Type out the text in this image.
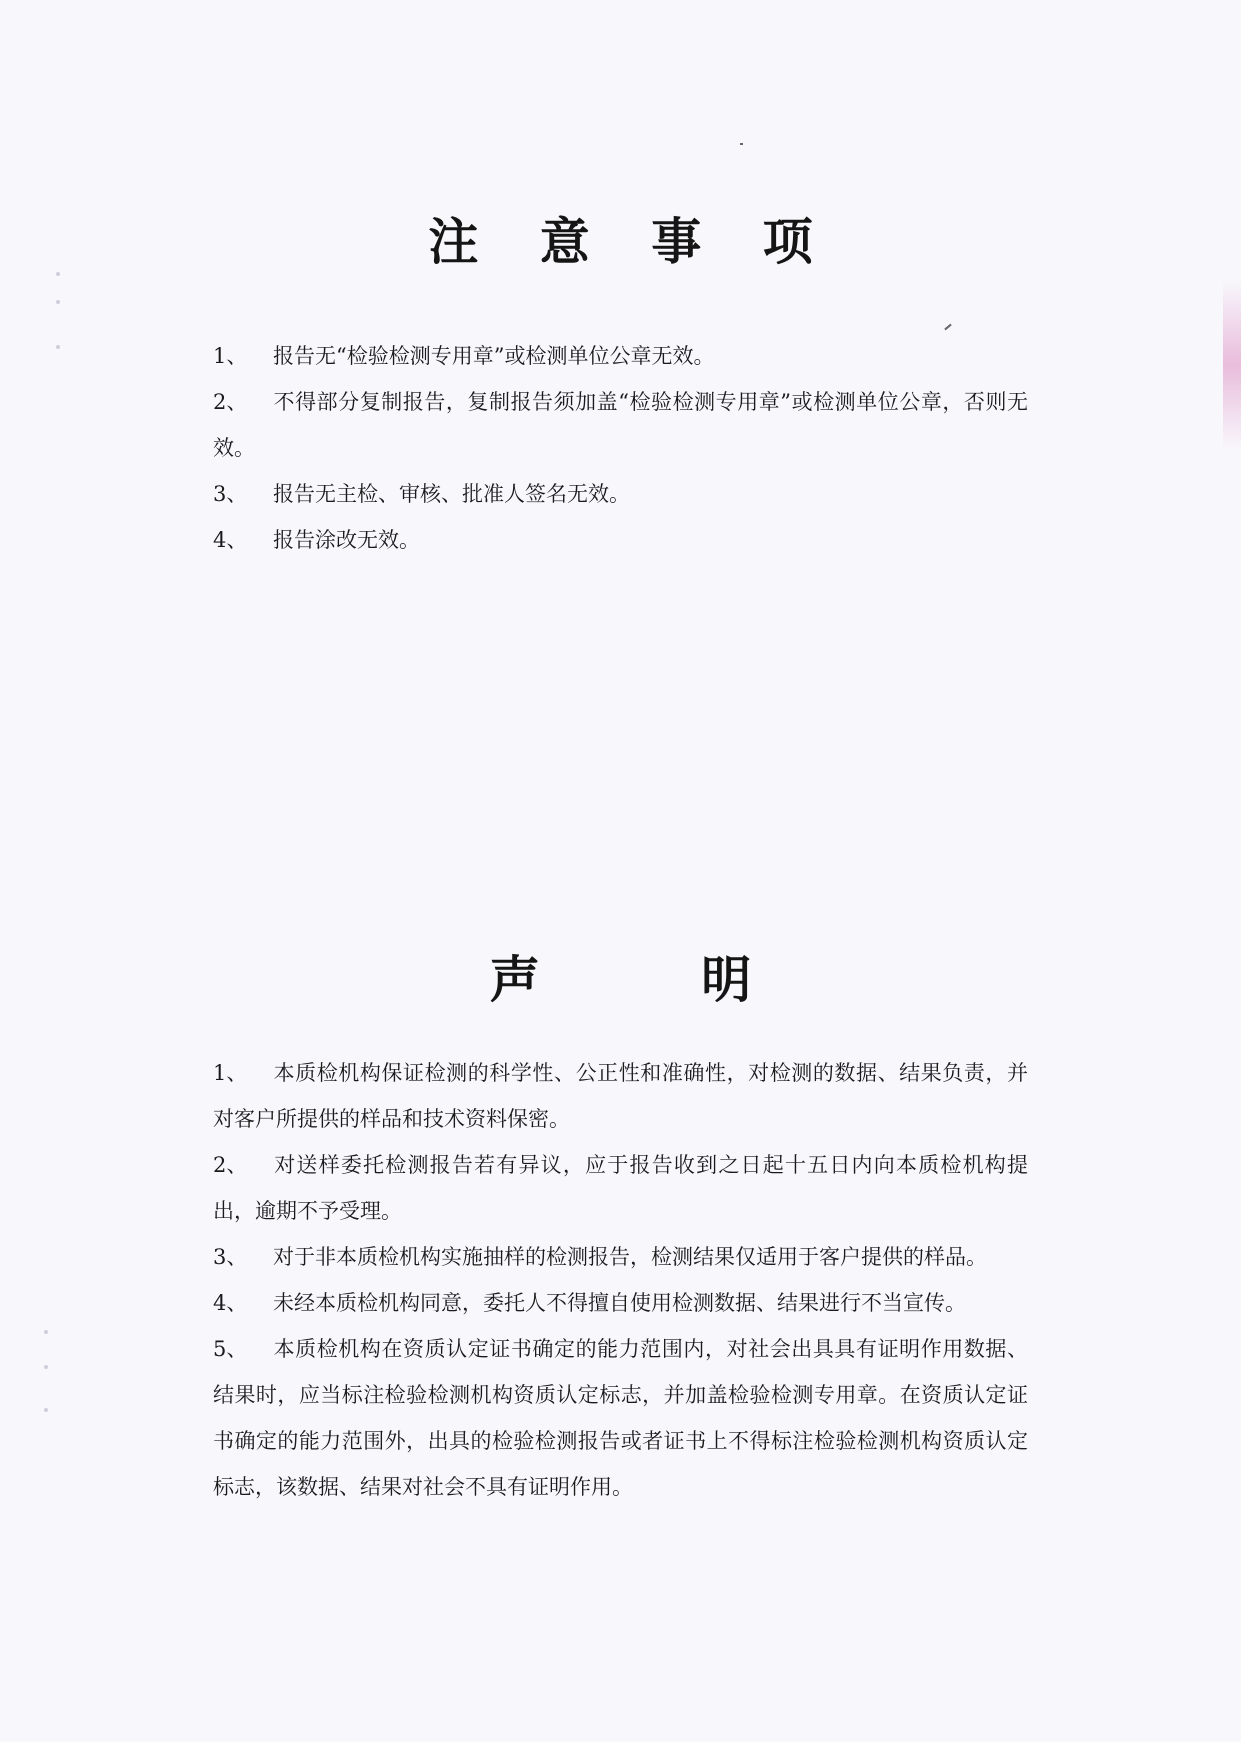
注 意 事 项
1、 报告无“检验检测专用章”或检测单位公章无效。
2、 不得部分复制报告，复制报告须加盖“检验检测专用章”或检测单位公章，否则无效。
3、 报告无主检、审核、批准人签名无效。
4、 报告涂改无效。
声 明
1、 本质检机构保证检测的科学性、公正性和准确性，对检测的数据、结果负责，并对客户所提供的样品和技术资料保密。
2、 对送样委托检测报告若有异议，应于报告收到之日起十五日内向本质检机构提出，逾期不予受理。
3、 对于非本质检机构实施抽样的检测报告，检测结果仅适用于客户提供的样品。
4、 未经本质检机构同意，委托人不得擅自使用检测数据、结果进行不当宣传。
5、 本质检机构在资质认定证书确定的能力范围内，对社会出具具有证明作用数据、结果时，应当标注检验检测机构资质认定标志，并加盖检验检测专用章。在资质认定证书确定的能力范围外，出具的检验检测报告或者证书上不得标注检验检测机构资质认定标志，该数据、结果对社会不具有证明作用。
